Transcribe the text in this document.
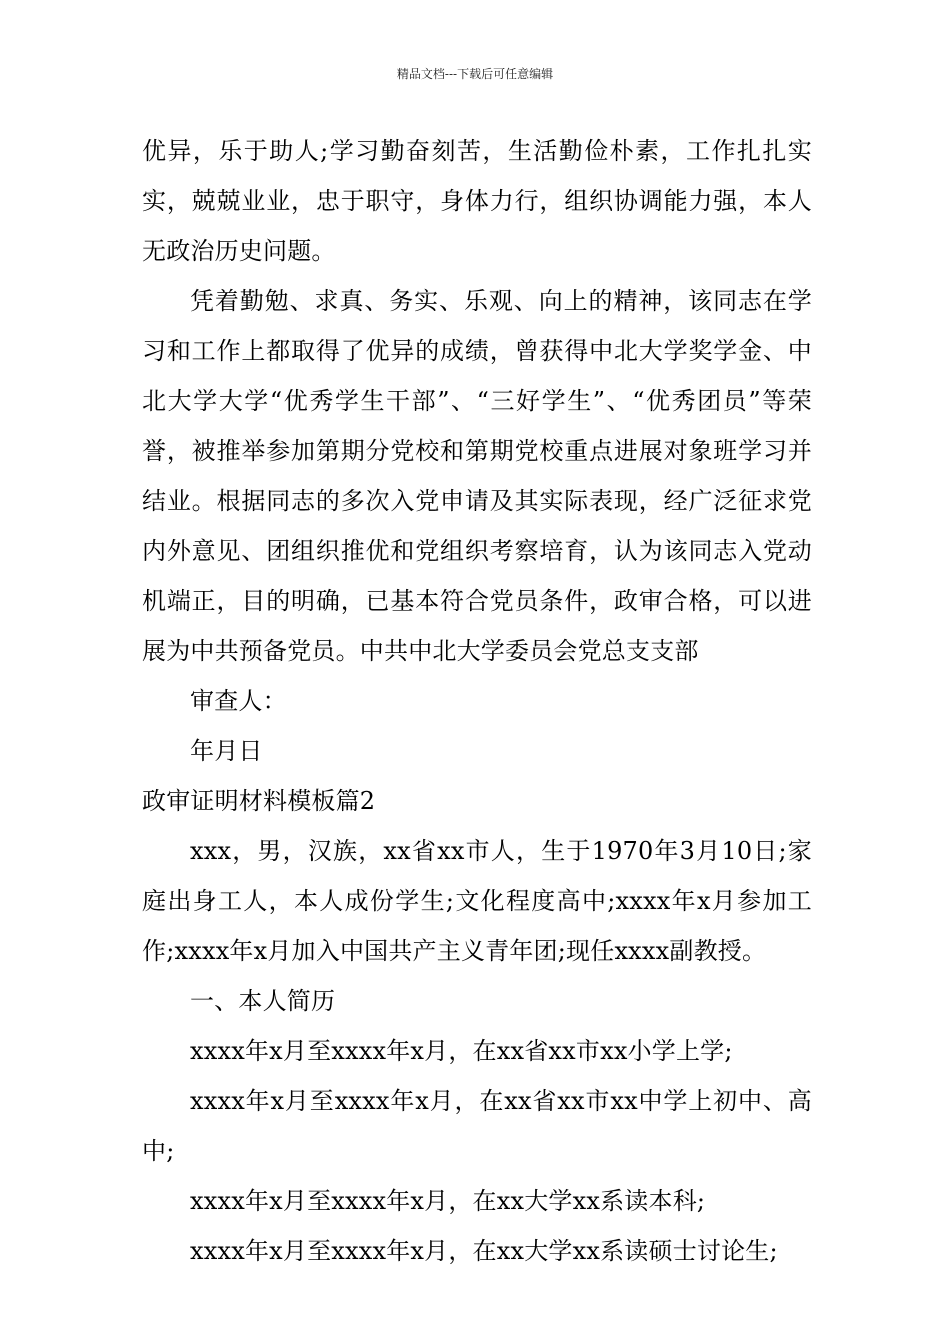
精品文档---下载后可任意编辑

优异，乐于助人;学习勤奋刻苦，生活勤俭朴素，工作扎扎实实，兢兢业业，忠于职守，身体力行，组织协调能力强，本人无政治历史问题。

凭着勤勉、求真、务实、乐观、向上的精神，该同志在学习和工作上都取得了优异的成绩，曾获得中北大学奖学金、中北大学大学“优秀学生干部”、“三好学生”、“优秀团员”等荣誉，被推举参加第期分党校和第期党校重点进展对象班学习并结业。根据同志的多次入党申请及其实际表现，经广泛征求党内外意见、团组织推优和党组织考察培育，认为该同志入党动机端正，目的明确，已基本符合党员条件，政审合格，可以进展为中共预备党员。中共中北大学委员会党总支支部

审查人：

年月日

政审证明材料模板篇2

xxx，男，汉族，xx省xx市人，生于1970年3月10日;家庭出身工人，本人成份学生;文化程度高中;xxxx年x月参加工作;xxxx年x月加入中国共产主义青年团;现任xxxx副教授。

一、本人简历

xxxx年x月至xxxx年x月，在xx省xx市xx小学上学;

xxxx年x月至xxxx年x月，在xx省xx市xx中学上初中、高中;

xxxx年x月至xxxx年x月，在xx大学xx系读本科;

xxxx年x月至xxxx年x月，在xx大学xx系读硕士讨论生;
